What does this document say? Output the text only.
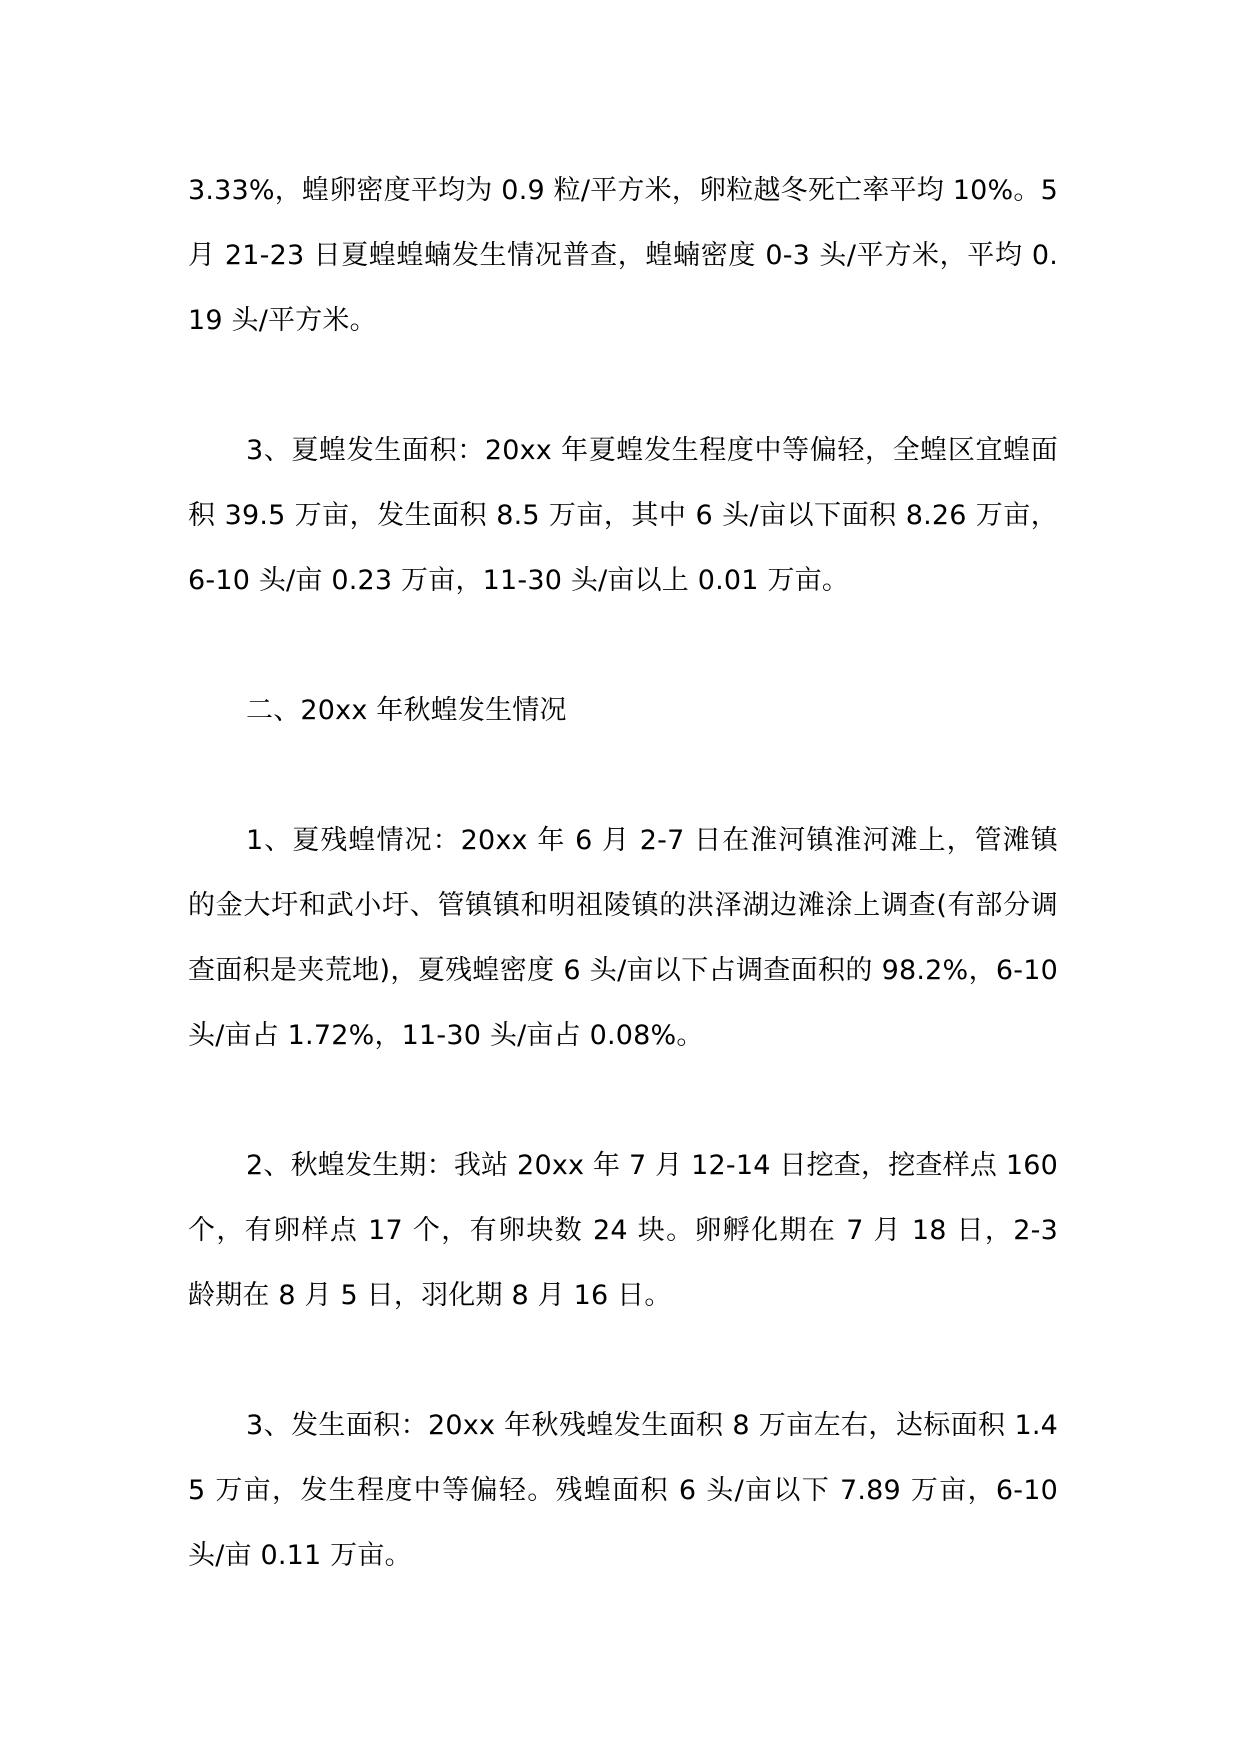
3.33%，蝗卵密度平均为 0.9 粒/平方米，卵粒越冬死亡率平均 10%。5 月 21-23 日夏蝗蝗蝻发生情况普查，蝗蝻密度 0-3 头/平方米，平均 0.19 头/平方米。

3、夏蝗发生面积：20xx 年夏蝗发生程度中等偏轻，全蝗区宜蝗面积 39.5 万亩，发生面积 8.5 万亩，其中 6 头/亩以下面积 8.26 万亩，6-10 头/亩 0.23 万亩，11-30 头/亩以上 0.01 万亩。

二、20xx 年秋蝗发生情况

1、夏残蝗情况：20xx 年 6 月 2-7 日在淮河镇淮河滩上，管滩镇的金大圩和武小圩、管镇镇和明祖陵镇的洪泽湖边滩涂上调查(有部分调查面积是夹荒地)，夏残蝗密度 6 头/亩以下占调查面积的 98.2%，6-10 头/亩占 1.72%，11-30 头/亩占 0.08%。

2、秋蝗发生期：我站 20xx 年 7 月 12-14 日挖查，挖查样点 160 个，有卵样点 17 个，有卵块数 24 块。卵孵化期在 7 月 18 日，2-3 龄期在 8 月 5 日，羽化期 8 月 16 日。

3、发生面积：20xx 年秋残蝗发生面积 8 万亩左右，达标面积 1.45 万亩，发生程度中等偏轻。残蝗面积 6 头/亩以下 7.89 万亩，6-10 头/亩 0.11 万亩。
